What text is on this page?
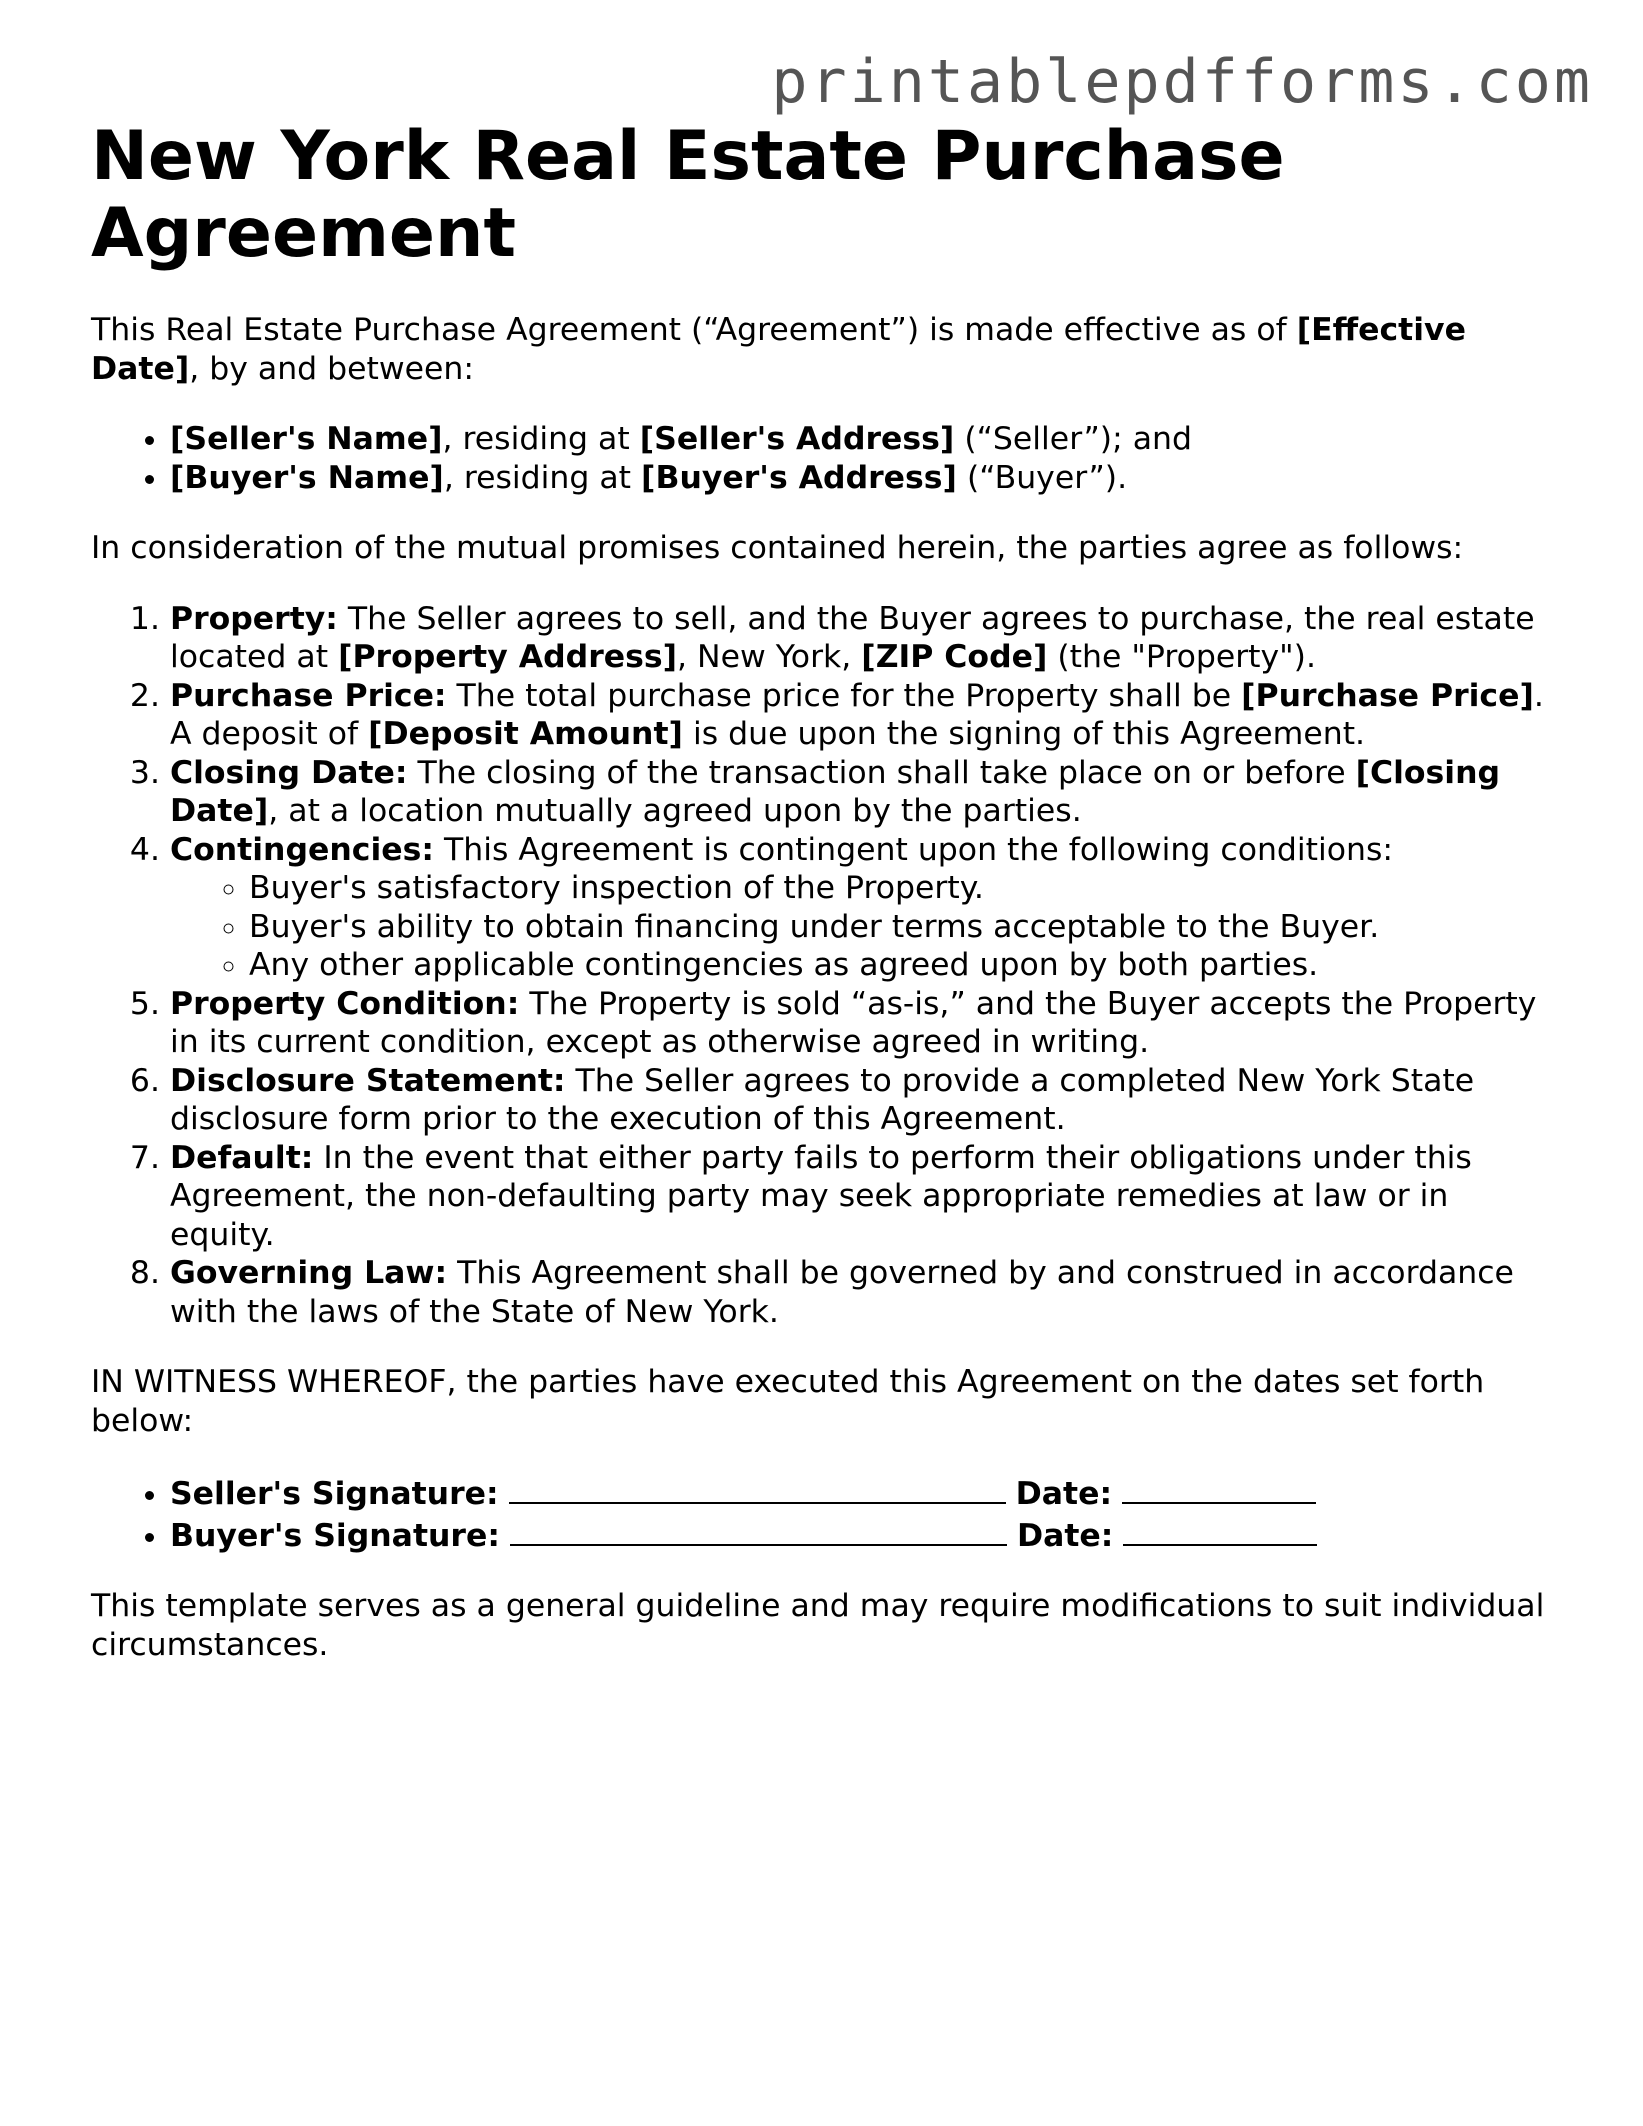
printablepdfforms.com
New York Real Estate Purchase Agreement

This Real Estate Purchase Agreement (“Agreement”) is made effective as of [Effective Date], by and between:

• [Seller's Name], residing at [Seller's Address] (“Seller”); and
• [Buyer's Name], residing at [Buyer's Address] (“Buyer”).

In consideration of the mutual promises contained herein, the parties agree as follows:

1. Property: The Seller agrees to sell, and the Buyer agrees to purchase, the real estate located at [Property Address], New York, [ZIP Code] (the "Property").
2. Purchase Price: The total purchase price for the Property shall be [Purchase Price]. A deposit of [Deposit Amount] is due upon the signing of this Agreement.
3. Closing Date: The closing of the transaction shall take place on or before [Closing Date], at a location mutually agreed upon by the parties.
4. Contingencies: This Agreement is contingent upon the following conditions:
◦ Buyer's satisfactory inspection of the Property.
◦ Buyer's ability to obtain financing under terms acceptable to the Buyer.
◦ Any other applicable contingencies as agreed upon by both parties.
5. Property Condition: The Property is sold “as-is,” and the Buyer accepts the Property in its current condition, except as otherwise agreed in writing.
6. Disclosure Statement: The Seller agrees to provide a completed New York State disclosure form prior to the execution of this Agreement.
7. Default: In the event that either party fails to perform their obligations under this Agreement, the non-defaulting party may seek appropriate remedies at law or in equity.
8. Governing Law: This Agreement shall be governed by and construed in accordance with the laws of the State of New York.

IN WITNESS WHEREOF, the parties have executed this Agreement on the dates set forth below:

• Seller's Signature:	Date:
• Buyer's Signature:	Date:

This template serves as a general guideline and may require modifications to suit individual circumstances.
